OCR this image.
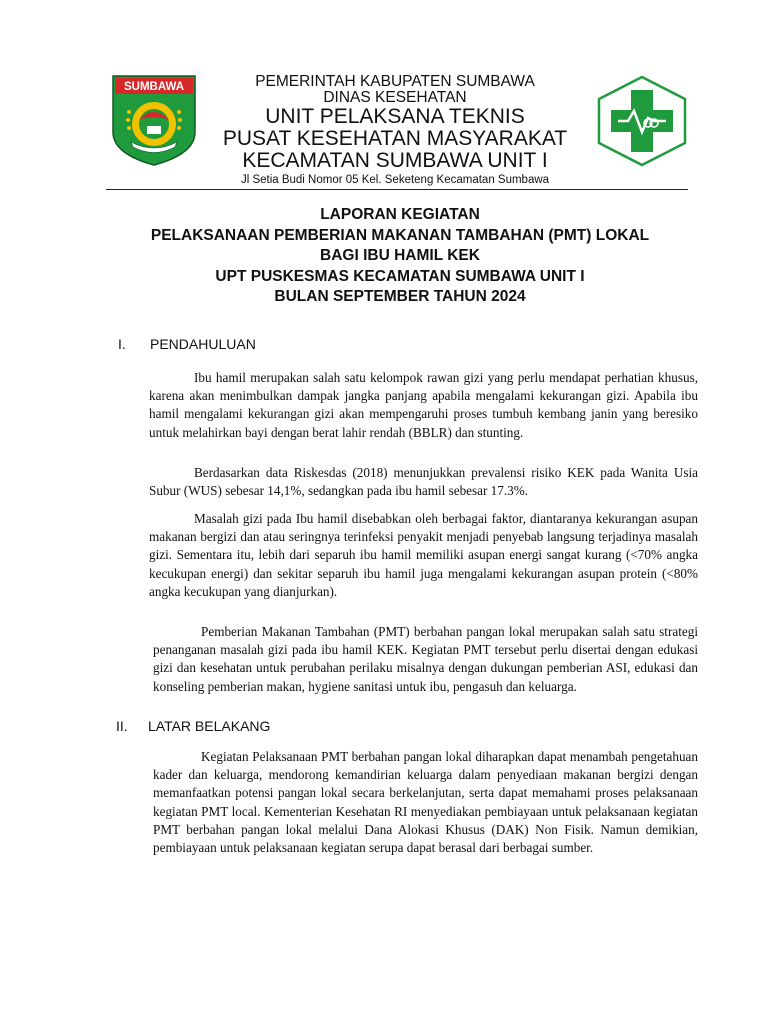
SUMBAWA	PEMERINTAH KABUPATEN SUMBAWA
DINAS KESEHATAN
UNIT PELAKSANA TEKNIS
PUSAT KESEHATAN MASYARAKAT
KECAMATAN SUMBAWA UNIT I
Jl Setia Budi Nomor 05 Kel. Seketeng Kecamatan Sumbawa
LAPORAN KEGIATAN
PELAKSANAAN PEMBERIAN MAKANAN TAMBAHAN (PMT) LOKAL
BAGI IBU HAMIL KEK
UPT PUSKESMAS KECAMATAN SUMBAWA UNIT I
BULAN SEPTEMBER TAHUN 2024
I. PENDAHULUAN
Ibu hamil merupakan salah satu kelompok rawan gizi yang perlu mendapat perhatian khusus, karena akan menimbulkan dampak jangka panjang apabila mengalami kekurangan gizi. Apabila ibu hamil mengalami kekurangan gizi akan mempengaruhi proses tumbuh kembang janin yang beresiko untuk melahirkan bayi dengan berat lahir rendah (BBLR) dan stunting.
Berdasarkan data Riskesdas (2018) menunjukkan prevalensi risiko KEK pada Wanita Usia Subur (WUS) sebesar 14,1%, sedangkan pada ibu hamil sebesar 17.3%.
Masalah gizi pada Ibu hamil disebabkan oleh berbagai faktor, diantaranya kekurangan asupan makanan bergizi dan atau seringnya terinfeksi penyakit menjadi penyebab langsung terjadinya masalah gizi. Sementara itu, lebih dari separuh ibu hamil memiliki asupan energi sangat kurang (<70% angka kecukupan energi) dan sekitar separuh ibu hamil juga mengalami kekurangan asupan protein (<80% angka kecukupan yang dianjurkan).
Pemberian Makanan Tambahan (PMT) berbahan pangan lokal merupakan salah satu strategi penanganan masalah gizi pada ibu hamil KEK. Kegiatan PMT tersebut perlu disertai dengan edukasi gizi dan kesehatan untuk perubahan perilaku misalnya dengan dukungan pemberian ASI, edukasi dan konseling pemberian makan, hygiene sanitasi untuk ibu, pengasuh dan keluarga.
II. LATAR BELAKANG
Kegiatan Pelaksanaan PMT berbahan pangan lokal diharapkan dapat menambah pengetahuan kader dan keluarga, mendorong kemandirian keluarga dalam penyediaan makanan bergizi dengan memanfaatkan potensi pangan lokal secara berkelanjutan, serta dapat memahami proses pelaksanaan kegiatan PMT local. Kementerian Kesehatan RI menyediakan pembiayaan untuk pelaksanaan kegiatan PMT berbahan pangan lokal melalui Dana Alokasi Khusus (DAK) Non Fisik. Namun demikian, pembiayaan untuk pelaksanaan kegiatan serupa dapat berasal dari berbagai sumber.
